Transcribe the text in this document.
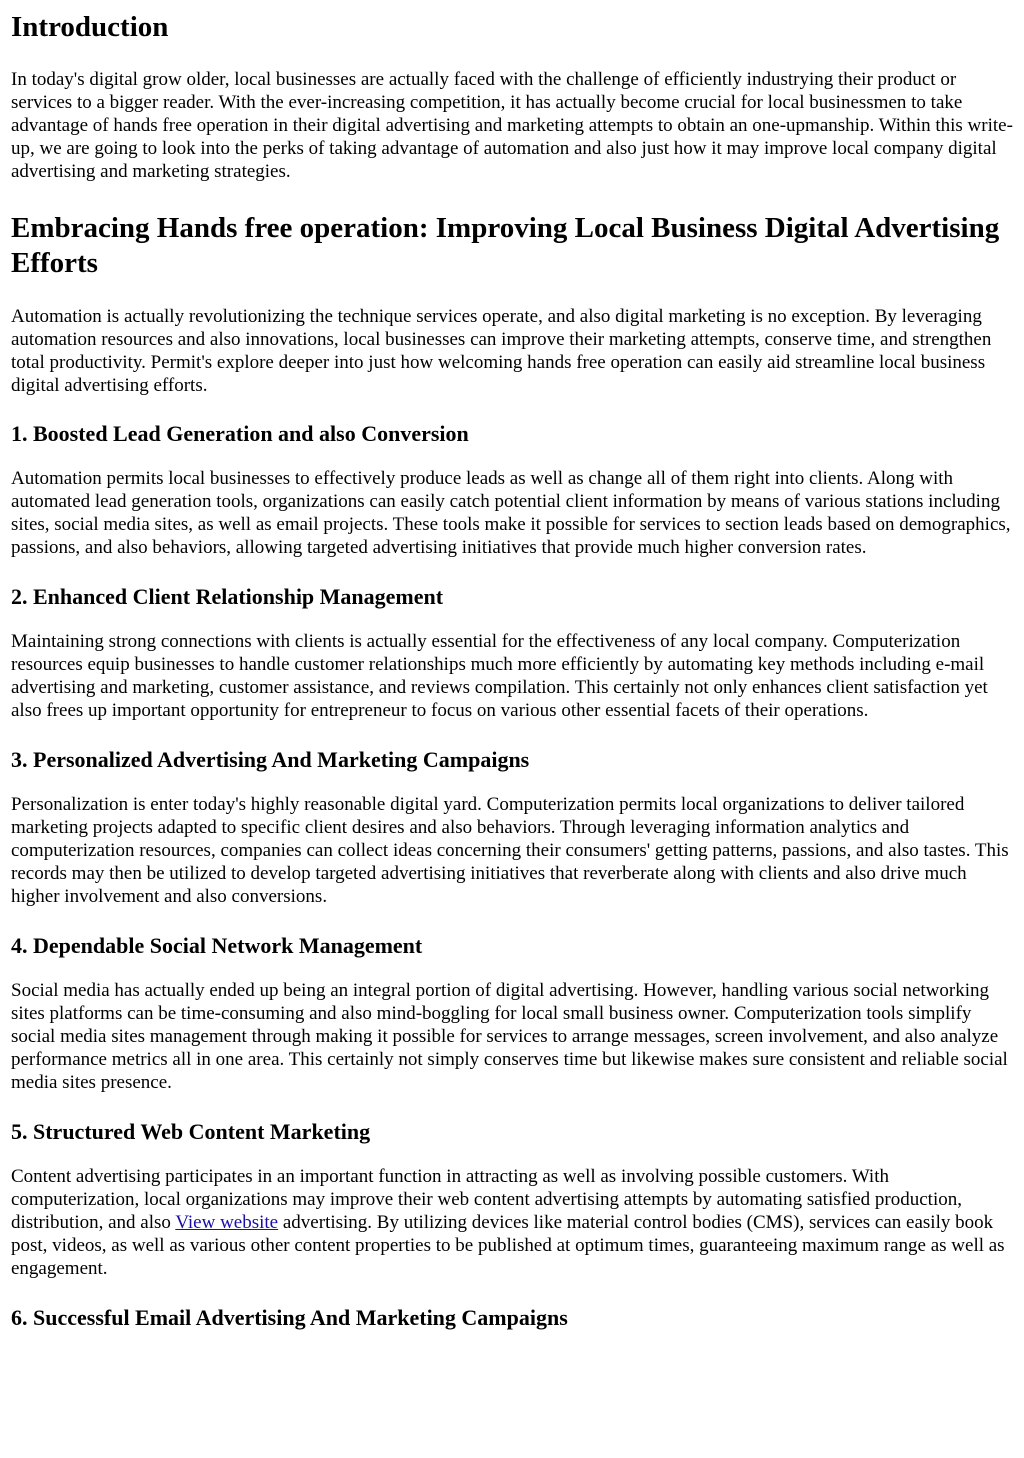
Introduction

In today's digital grow older, local businesses are actually faced with the challenge of efficiently industrying their product or services to a bigger reader. With the ever-increasing competition, it has actually become crucial for local businessmen to take advantage of hands free operation in their digital advertising and marketing attempts to obtain an one-upmanship. Within this write-up, we are going to look into the perks of taking advantage of automation and also just how it may improve local company digital advertising and marketing strategies.

Embracing Hands free operation: Improving Local Business Digital Advertising Efforts

Automation is actually revolutionizing the technique services operate, and also digital marketing is no exception. By leveraging automation resources and also innovations, local businesses can improve their marketing attempts, conserve time, and strengthen total productivity. Permit's explore deeper into just how welcoming hands free operation can easily aid streamline local business digital advertising efforts.

1. Boosted Lead Generation and also Conversion

Automation permits local businesses to effectively produce leads as well as change all of them right into clients. Along with automated lead generation tools, organizations can easily catch potential client information by means of various stations including sites, social media sites, as well as email projects. These tools make it possible for services to section leads based on demographics, passions, and also behaviors, allowing targeted advertising initiatives that provide much higher conversion rates.

2. Enhanced Client Relationship Management

Maintaining strong connections with clients is actually essential for the effectiveness of any local company. Computerization resources equip businesses to handle customer relationships much more efficiently by automating key methods including e-mail advertising and marketing, customer assistance, and reviews compilation. This certainly not only enhances client satisfaction yet also frees up important opportunity for entrepreneur to focus on various other essential facets of their operations.

3. Personalized Advertising And Marketing Campaigns

Personalization is enter today's highly reasonable digital yard. Computerization permits local organizations to deliver tailored marketing projects adapted to specific client desires and also behaviors. Through leveraging information analytics and computerization resources, companies can collect ideas concerning their consumers' getting patterns, passions, and also tastes. This records may then be utilized to develop targeted advertising initiatives that reverberate along with clients and also drive much higher involvement and also conversions.

4. Dependable Social Network Management

Social media has actually ended up being an integral portion of digital advertising. However, handling various social networking sites platforms can be time-consuming and also mind-boggling for local small business owner. Computerization tools simplify social media sites management through making it possible for services to arrange messages, screen involvement, and also analyze performance metrics all in one area. This certainly not simply conserves time but likewise makes sure consistent and reliable social media sites presence.

5. Structured Web Content Marketing

Content advertising participates in an important function in attracting as well as involving possible customers. With computerization, local organizations may improve their web content advertising attempts by automating satisfied production, distribution, and also View website advertising. By utilizing devices like material control bodies (CMS), services can easily book post, videos, as well as various other content properties to be published at optimum times, guaranteeing maximum range as well as engagement.

6. Successful Email Advertising And Marketing Campaigns
